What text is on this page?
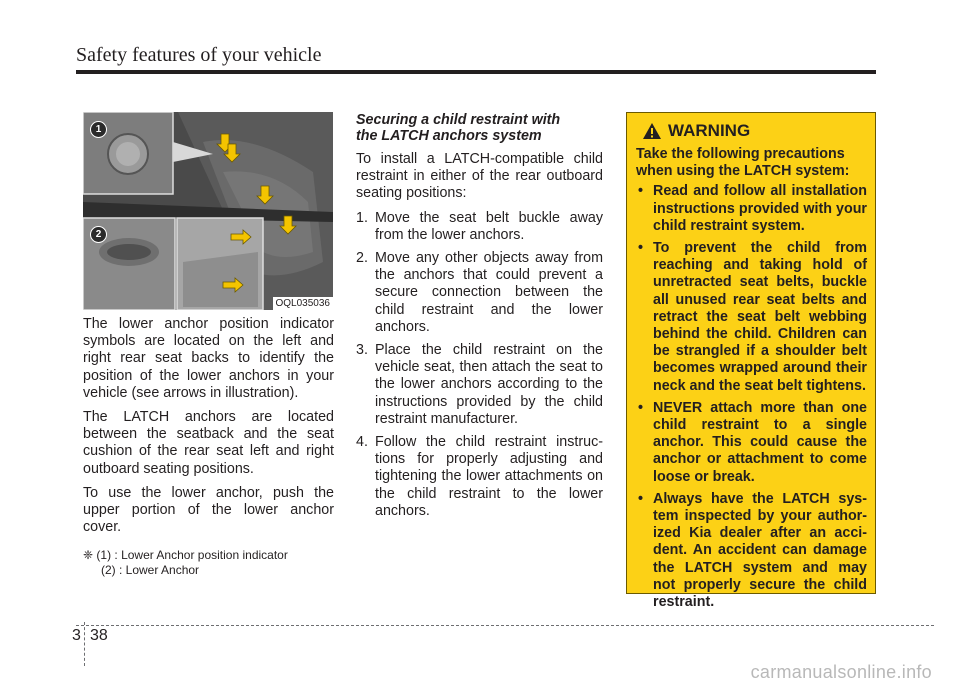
Safety features of your vehicle
1
2
OQL035036

The lower anchor position indicator symbols are located on the left and right rear seat backs to identify the position of the lower anchors in your vehicle (see arrows in illustration).

The LATCH anchors are located between the seatback and the seat cushion of the rear seat left and right outboard seating positions.

To use the lower anchor, push the upper portion of the lower anchor cover.

❈ (1) : Lower Anchor position indicator
(2) : Lower Anchor
Securing a child restraint with
the LATCH anchors system

To install a LATCH-compatible child restraint in either of the rear outboard seating positions:

1. Move the seat belt buckle away from the lower anchors.
2. Move any other objects away from the anchors that could prevent a secure connection between the child restraint and the lower anchors.
3. Place the child restraint on the vehicle seat, then attach the seat to the lower anchors according to the instructions provided by the child restraint manufacturer.
4. Follow the child restraint instruc- tions for properly adjusting and tightening the lower attachments on the child restraint to the lower anchors.
WARNING

Take the following precautions when using the LATCH system:

• Read and follow all installation instructions provided with your child restraint system.
• To prevent the child from reaching and taking hold of unretracted seat belts, buckle all unused rear seat belts and retract the seat belt webbing behind the child. Children can be strangled if a shoulder belt becomes wrapped around their neck and the seat belt tightens.
• NEVER attach more than one child restraint to a single anchor. This could cause the anchor or attachment to come loose or break.
• Always have the LATCH sys- tem inspected by your author- ized Kia dealer after an acci- dent. An accident can damage the LATCH system and may not properly secure the child restraint.
3 38
carmanualsonline.info
